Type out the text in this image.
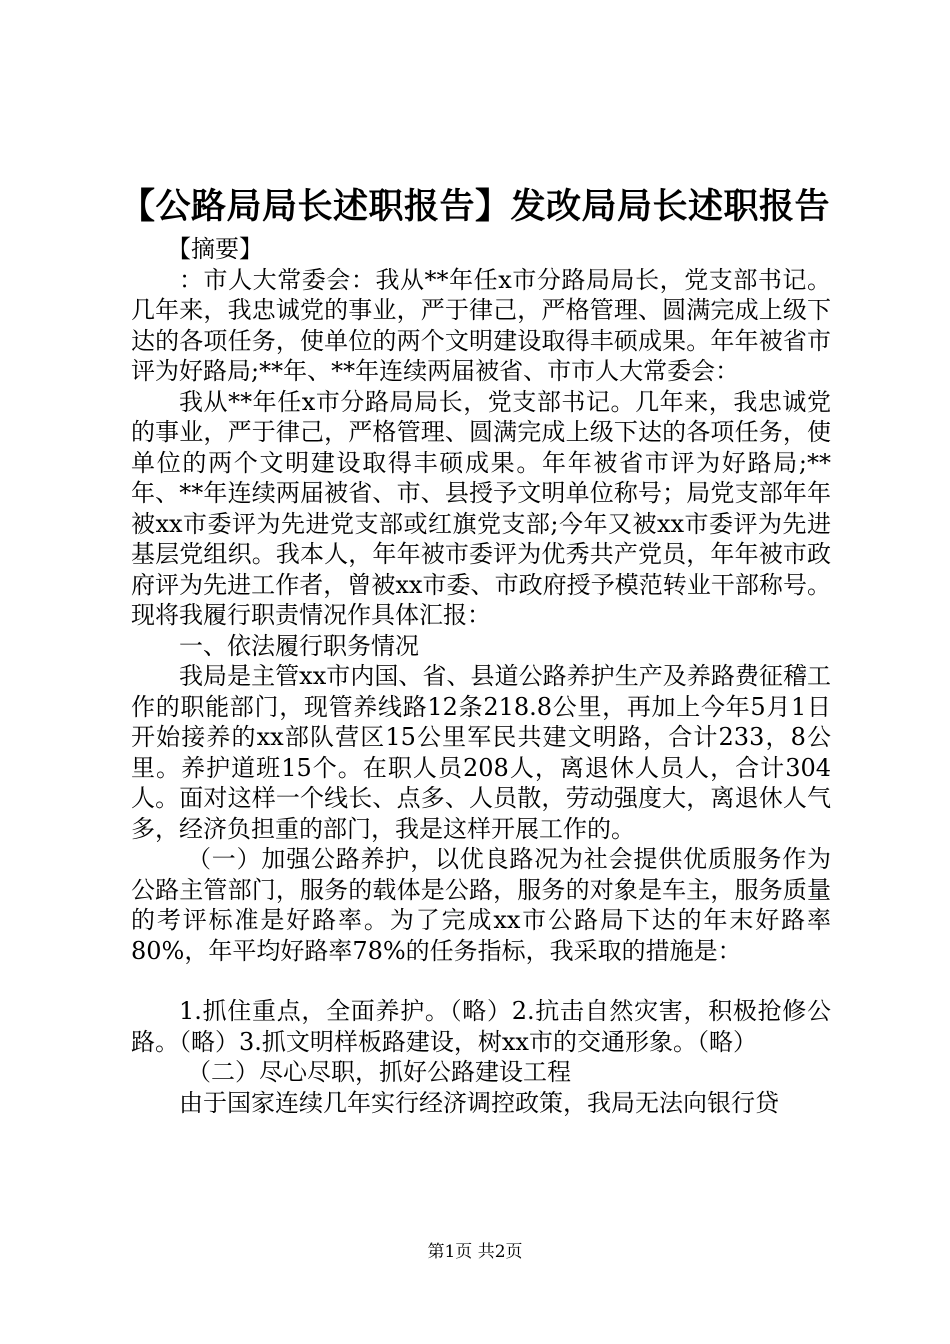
【公路局局长述职报告】发改局局长述职报告

【摘要】

：市人大常委会：我从**年任x市分路局局长，党支部书记。几年来，我忠诚党的事业，严于律己，严格管理、圆满完成上级下达的各项任务，使单位的两个文明建设取得丰硕成果。年年被省市评为好路局;**年、**年连续两届被省、市市人大常委会：

我从**年任x市分路局局长，党支部书记。几年来，我忠诚党的事业，严于律己，严格管理、圆满完成上级下达的各项任务，使单位的两个文明建设取得丰硕成果。年年被省市评为好路局;**年、**年连续两届被省、市、县授予文明单位称号；局党支部年年被xx市委评为先进党支部或红旗党支部;今年又被xx市委评为先进基层党组织。我本人，年年被市委评为优秀共产党员，年年被市政府评为先进工作者，曾被xx市委、市政府授予模范转业干部称号。现将我履行职责情况作具体汇报：

一、依法履行职务情况

我局是主管xx市内国、省、县道公路养护生产及养路费征稽工作的职能部门，现管养线路12条218.8公里，再加上今年5月1日开始接养的xx部队营区15公里军民共建文明路，合计233，8公里。养护道班15个。在职人员208人，离退休人员人，合计304人。面对这样一个线长、点多、人员散，劳动强度大，离退休人气多，经济负担重的部门，我是这样开展工作的。

（一）加强公路养护，以优良路况为社会提供优质服务作为公路主管部门，服务的载体是公路，服务的对象是车主，服务质量的考评标准是好路率。为了完成xx市公路局下达的年末好路率80%，年平均好路率78%的任务指标，我采取的措施是：

1.抓住重点，全面养护。（略）2.抗击自然灾害，积极抢修公路。（略）3.抓文明样板路建设，树xx市的交通形象。（略）

（二）尽心尽职，抓好公路建设工程

由于国家连续几年实行经济调控政策，我局无法向银行贷

第1页 共2页
